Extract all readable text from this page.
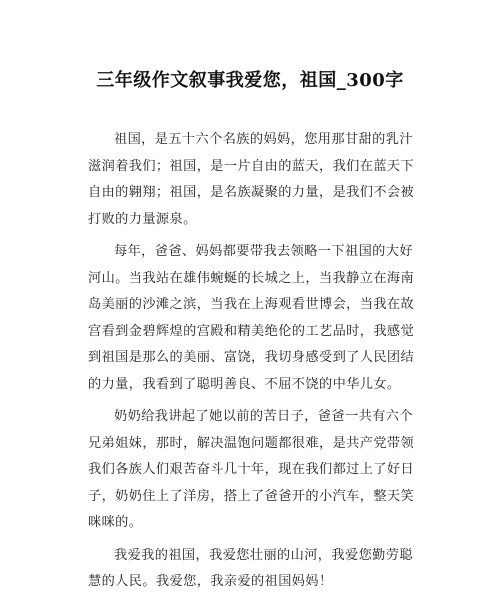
三年级作文叙事我爱您，祖国_300字
祖国，是五十六个名族的妈妈，您用那甘甜的乳汁
滋润着我们；祖国，是一片自由的蓝天，我们在蓝天下
自由的翱翔；祖国，是名族凝聚的力量，是我们不会被
打败的力量源泉。
每年，爸爸、妈妈都要带我去领略一下祖国的大好
河山。当我站在雄伟蜿蜒的长城之上，当我静立在海南
岛美丽的沙滩之滨，当我在上海观看世博会，当我在故
宫看到金碧辉煌的宫殿和精美绝伦的工艺品时，我感觉
到祖国是那么的美丽、富饶，我切身感受到了人民团结
的力量，我看到了聪明善良、不屈不饶的中华儿女。
奶奶给我讲起了她以前的苦日子，爸爸一共有六个
兄弟姐妹，那时，解决温饱问题都很难，是共产党带领
我们各族人们艰苦奋斗几十年，现在我们都过上了好日
子，奶奶住上了洋房，搭上了爸爸开的小汽车，整天笑
咪咪的。
我爱我的祖国，我爱您壮丽的山河，我爱您勤劳聪
慧的人民。我爱您，我亲爱的祖国妈妈！
